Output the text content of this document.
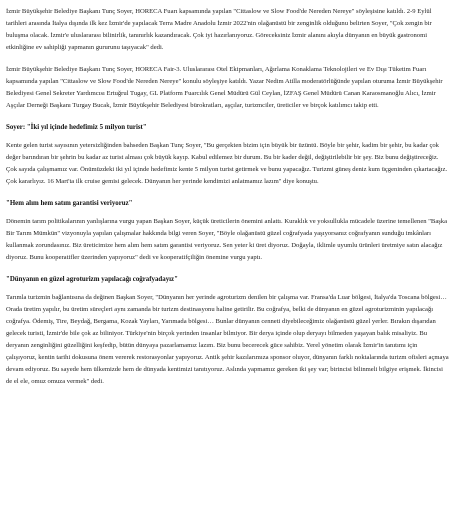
İzmir Büyükşehir Belediye Başkanı Tunç Soyer, HORECA Fuarı kapsamında yapılan "Cittaslow ve Slow Food'de Nereden Nereye" söyleşisine katıldı. 2-9 Eylül tarihleri arasında İtalya dışında ilk kez İzmir'de yapılacak Terra Madre Anadolu İzmir 2022'nin olağanüstü bir zenginlik olduğunu belirten Soyer, "Çok zengin bir buluşma olacak. İzmir'e uluslararası bilinirlik, tanınırlık kazandıracak. Çok iyi hazırlanıyoruz. Göreceksiniz İzmir alanını akıyla dünyanın en büyük gastronomi etkinliğine ev sahipliği yapmanın gururunu taşıyacak" dedi.

İzmir Büyükşehir Belediye Başkanı Tunç Soyer, HORECA Fair-3. Uluslararası Otel Ekipmanları, Ağırlama Konaklama Teknolojileri ve Ev Dışı Tüketim Fuarı kapsamında yapılan "Cittaslow ve Slow Food'de Nereden Nereye" konulu söyleşiye katıldı. Yazar Nedim Atilla moderatörlüğünde yapılan oturuma İzmir Büyükşehir Belediyesi Genel Sekreter Yardımcısı Ertuğrul Tugay, GL Platform Fuarcılık Genel Müdürü Gül Ceylan, İZFAŞ Genel Müdürü Canan Karaosmanoğlu Alıcı, İzmir Aşçılar Derneği Başkanı Turgay Bucak, İzmir Büyükşehir Belediyesi bürokratları, aşçılar, turizmciler, üreticiler ve birçok katılımcı takip etti.

Soyer: "İki yıl içinde hedefimiz 5 milyon turist"

Kente gelen turist sayısının yetersizliğinden bahseden Başkan Tunç Soyer, "Bu gerçekten bizim için büyük bir üzüntü. Böyle bir şehir, kadim bir şehir, bu kadar çok değer barındıran bir şehrin bu kadar az turist alması çok büyük kayıp. Kabul edilemez bir durum. Bu bir kader değil, değiştirilebilir bir şey. Biz bunu değiştireceğiz. Çok sayıda çalışmamız var. Önümüzdeki iki yıl içinde hedefimiz kente 5 milyon turist getirmek ve bunu yapacağız. Turizmi güneş deniz kum üçgeninden çıkartacağız. Çok kararlıyız. 16 Mart'ta ilk cruise gemisi gelecek. Dünyanın her yerinde kendimizi anlatmamız lazım" diye konuştu.

"Hem alım hem satım garantisi veriyoruz"

Dönemin tarım politikalarının yanlışlarına vurgu yapan Başkan Soyer, küçük üreticilerin önemini anlattı. Kuraklık ve yoksullukla mücadele üzerine temellenen "Başka Bir Tarım Mümkün" vizyonuyla yapılan çalışmalar hakkında bilgi veren Soyer, "Böyle olağanüstü güzel coğrafyada yaşıyorsanız coğrafyanın sunduğu imkânları kullanmak zorundasınız. Biz üreticimize hem alım hem satım garantisi veriyoruz. Sen yeter ki üret diyoruz. Doğayla, iklimle uyumlu ürünleri üretmiye satın alacağız diyoruz. Bunu kooperatifler üzerinden yapıyoruz" dedi ve kooperatifçiliğin önemine vurgu yaptı.

"Dünyanın en güzel agroturizm yapılacağı coğrafyadayız"

Tarımla turizmin bağlantısına da değinen Başkan Soyer, "Dünyanın her yerinde agroturizm denilen bir çalışma var. Fransa'da Luar bölgesi, İtalya'da Toscana bölgesi… Orada üretim yapılır, bu üretim süreçleri aynı zamanda bir turizm destinasyonu haline getirilir. Bu coğrafya, belki de dünyanın en güzel agroturizminin yapılacağı coğrafya. Ödemiş, Tire, Beydağ, Bergama, Kozak Yayları, Yarımada bölgesi… Bunlar dünyanın cenneti diyebileceğimiz olağanüstü güzel yerler. Bırakın dışarıdan gelecek turisti, İzmir'de bile çok az biliniyor. Türkiye'nin birçok yerinden insanlar bilmiyor. Bir derya içinde olup deryayı bilmeden yaşayan balık misaliyiz. Bu deryanın zenginliğini güzelliğini keşfedip, bütün dünyaya pazarlamamız lazım. Biz bunu becerecek güce sahibiz. Yerel yönetim olarak İzmir'in tanıtımı için çalışıyoruz, kentin tarihi dokusuna önem vererek restorasyonlar yapıyoruz. Antik şehir kazılarımıza sponsor oluyor, dünyanın farklı noktalarında turizm ofisleri açmaya devam ediyoruz. Bu sayede hem ülkemizde hem de dünyada kentimizi tanıtıyoruz. Aslında yapmamız gereken iki şey var; birincisi bilinmeli bilgiye erişmek. İkincisi de el ele, omuz omuza vermek" dedi.
